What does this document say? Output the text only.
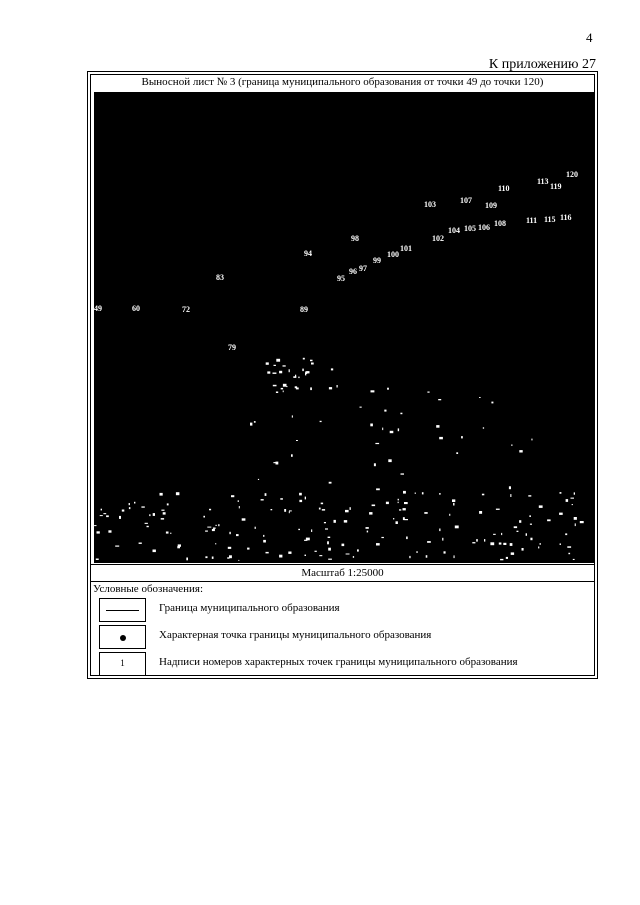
4
К приложению 27
Выносной лист № 3 (граница муниципального образования от точки 49 до точки 120)
49	60	72
79
83
89
94
95
96 97
98
99
100
101
102
103
104 105 106
107
108
109
110
111
113
115 116
119
120
Масштаб 1:25000
Условные обозначения:
Граница муниципального образования
Характерная точка границы муниципального образования
1	Надписи номеров характерных точек границы муниципального образования
